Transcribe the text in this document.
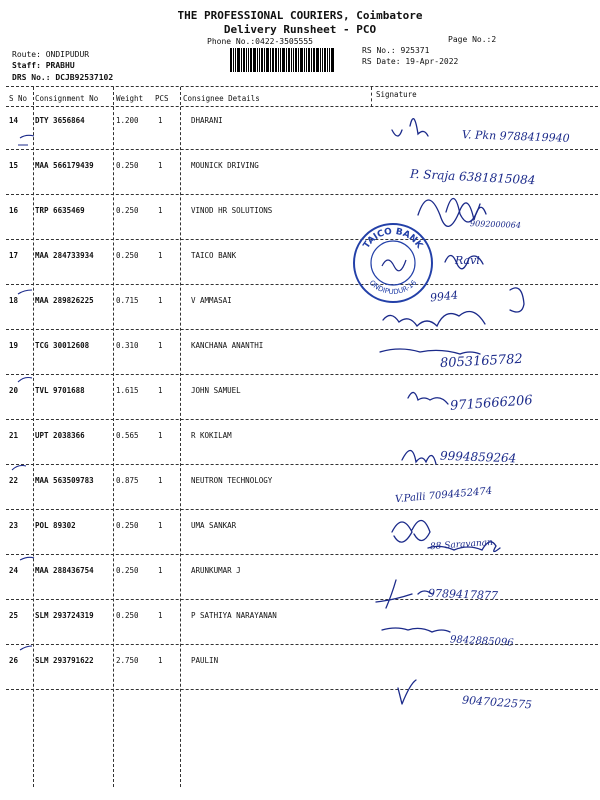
THE PROFESSIONAL COURIERS, Coimbatore
Delivery Runsheet - PCO
Phone No.:0422-3505555	Page No.:2
Route: ONDIPUDUR
Staff: PRABHU
DRS No.: DCJB92537102
RS No.: 925371
RS Date: 19-Apr-2022
S No Consignment No Weight PCS Consignee Details	Signature
14 DTY 3656864	1.200	1	DHARANI
V. Pkn 9788419940
15 MAA 566179439	0.250	1	MOUNICK DRIVING
P. Sraja 6381815084
16 TRP 6635469	0.250	1	VINOD HR SOLUTIONS
9092000064
17 MAA 284733934	0.250	1	TAICO BANK	Ravi
18 MAA 289826225	0.715	1	V AMMASAI	9944
19 TCG 30012608	0.310	1	KANCHANA ANANTHI
8053165782
20 TVL 9701688	1.615	1	JOHN SAMUEL
9715666206
21 UPT 2038366	0.565	1	R KOKILAM
9994859264
22 MAA 563509783	0.875	1	NEUTRON TECHNOLOGY
V.Palli 7094452474
23 POL 89302	0.250	1	UMA SANKAR
88 Saravanan
24 MAA 288436754	0.250	1	ARUNKUMAR J
9789417877
25 SLM 293724319	0.250	1	P SATHIYA NARAYANAN
9842885096
26 SLM 293791622	2.750	1	PAULIN
9047022575
TAICO BANK
ONDIPUDUR-16
